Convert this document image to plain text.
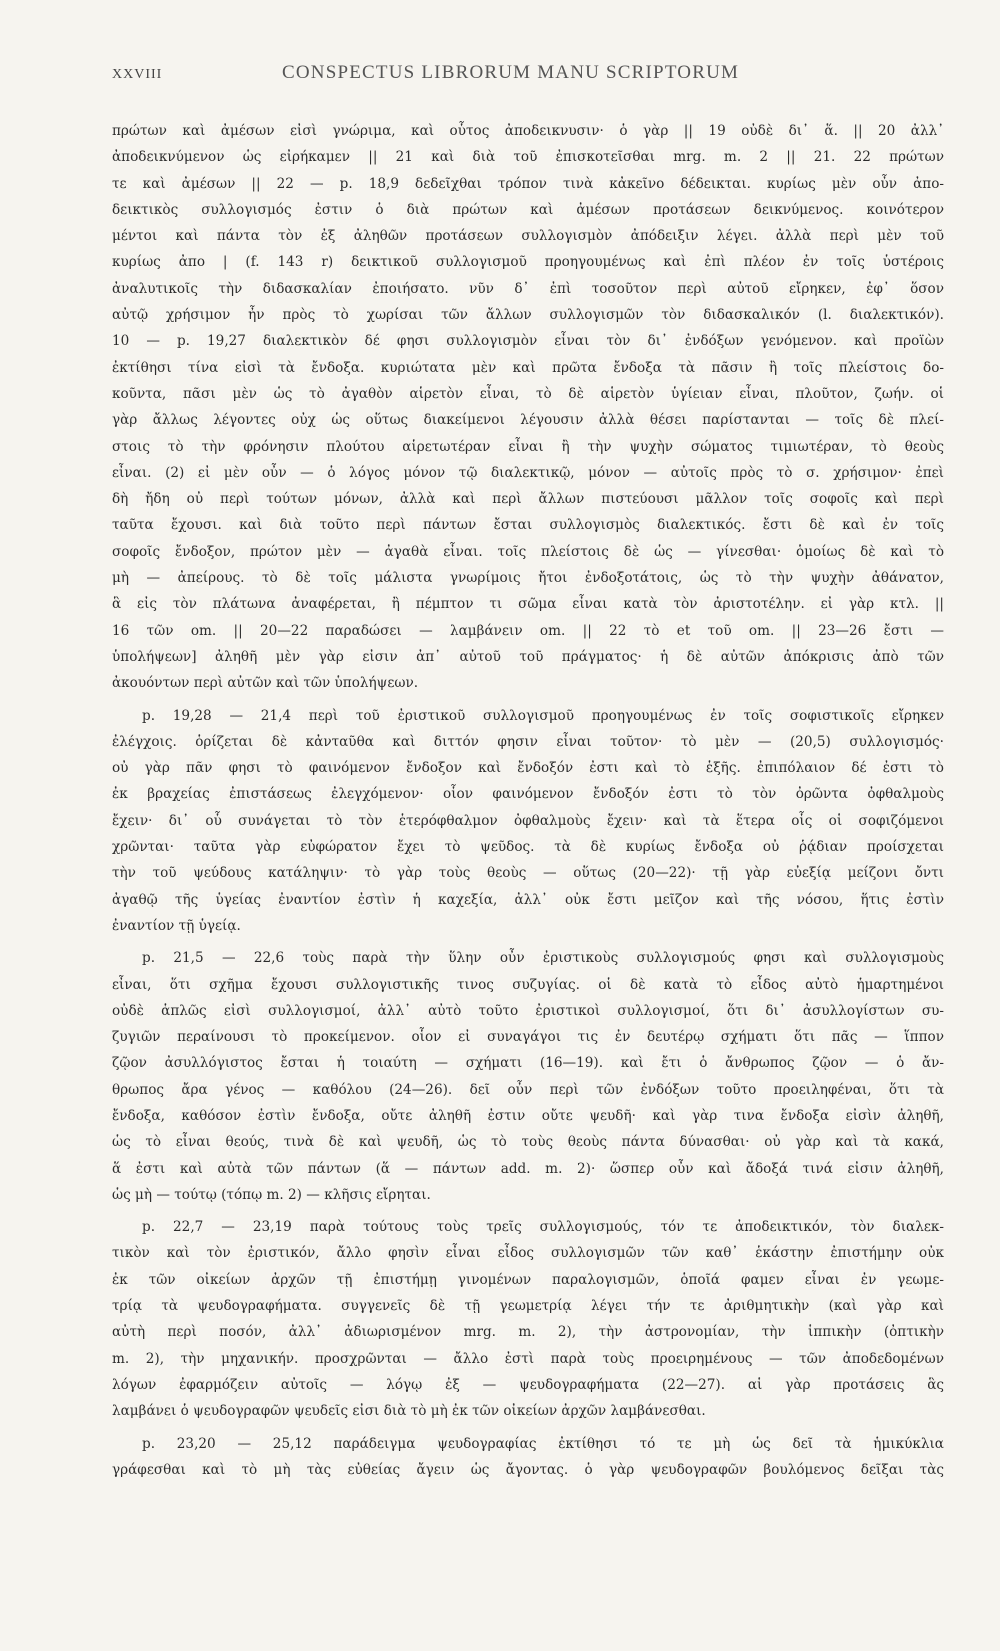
XXVIII	CONSPECTUS LIBRORUM MANU SCRIPTORUM

πρώτων καὶ ἀμέσων εἰσὶ γνώριμα, καὶ οὗτος ἀποδεικνυσιν· ὁ γὰρ || 19 οὐδὲ δι᾽ ἅ. || 20 ἀλλ᾽
ἀποδεικνύμενον ὡς εἰρήκαμεν || 21 καὶ διὰ τοῦ ἐπισκοτεῖσθαι mrg. m. 2 || 21. 22 πρώτων
τε καὶ ἀμέσων || 22 — p. 18,9 δεδεῖχθαι τρόπον τινὰ κἀκεῖνο δέδεικται. κυρίως μὲν οὖν ἀπο-
δεικτικὸς συλλογισμός ἐστιν ὁ διὰ πρώτων καὶ ἀμέσων προτάσεων δεικνύμενος. κοινότερον
μέντοι καὶ πάντα τὸν ἐξ ἀληθῶν προτάσεων συλλογισμὸν ἀπόδειξιν λέγει. ἀλλὰ περὶ μὲν τοῦ
κυρίως ἀπο | (f. 143 r) δεικτικοῦ συλλογισμοῦ προηγουμένως καὶ ἐπὶ πλέον ἐν τοῖς ὑστέροις
ἀναλυτικοῖς τὴν διδασκαλίαν ἐποιήσατο. νῦν δ᾽ ἐπὶ τοσοῦτον περὶ αὐτοῦ εἴρηκεν, ἐφ᾽ ὅσον
αὐτῷ χρήσιμον ἦν πρὸς τὸ χωρίσαι τῶν ἄλλων συλλογισμῶν τὸν διδασκαλικόν (l. διαλεκτικόν).
10 — p. 19,27 διαλεκτικὸν δέ φησι συλλογισμὸν εἶναι τὸν δι᾽ ἐνδόξων γενόμενον. καὶ προϊὼν
ἐκτίθησι τίνα εἰσὶ τὰ ἔνδοξα. κυριώτατα μὲν καὶ πρῶτα ἔνδοξα τὰ πᾶσιν ἢ τοῖς πλείστοις δο-
κοῦντα, πᾶσι μὲν ὡς τὸ ἀγαθὸν αἱρετὸν εἶναι, τὸ δὲ αἱρετὸν ὑγίειαν εἶναι, πλοῦτον, ζωήν. οἱ
γὰρ ἄλλως λέγοντες οὐχ ὡς οὕτως διακείμενοι λέγουσιν ἀλλὰ θέσει παρίστανται — τοῖς δὲ πλεί-
στοις τὸ τὴν φρόνησιν πλούτου αἱρετωτέραν εἶναι ἢ τὴν ψυχὴν σώματος τιμιωτέραν, τὸ θεοὺς
εἶναι. (2) εἰ μὲν οὖν — ὁ λόγος μόνον τῷ διαλεκτικῷ, μόνον — αὐτοῖς πρὸς τὸ σ. χρήσιμον· ἐπεὶ
δὴ ἤδη οὐ περὶ τούτων μόνων, ἀλλὰ καὶ περὶ ἄλλων πιστεύουσι μᾶλλον τοῖς σοφοῖς καὶ περὶ
ταῦτα ἔχουσι. καὶ διὰ τοῦτο περὶ πάντων ἔσται συλλογισμὸς διαλεκτικός. ἔστι δὲ καὶ ἐν τοῖς
σοφοῖς ἔνδοξον, πρώτον μὲν — ἀγαθὰ εἶναι. τοῖς πλείστοις δὲ ὡς — γίνεσθαι· ὁμοίως δὲ καὶ τὸ
μὴ — ἀπείρους. τὸ δὲ τοῖς μάλιστα γνωρίμοις ἤτοι ἐνδοξοτάτοις, ὡς τὸ τὴν ψυχὴν ἀθάνατον,
ἃ εἰς τὸν πλάτωνα ἀναφέρεται, ἢ πέμπτον τι σῶμα εἶναι κατὰ τὸν ἀριστοτέλην. εἰ γὰρ κτλ. ||
16 τῶν om. || 20—22 παραδώσει — λαμβάνειν om. || 22 τὸ et τοῦ om. || 23—26 ἔστι —
ὑπολήψεων] ἀληθῆ μὲν γὰρ εἰσιν ἀπ᾽ αὐτοῦ τοῦ πράγματος· ἡ δὲ αὐτῶν ἀπόκρισις ἀπὸ τῶν
ἀκουόντων περὶ αὐτῶν καὶ τῶν ὑπολήψεων.

p. 19,28 — 21,4 περὶ τοῦ ἐριστικοῦ συλλογισμοῦ προηγουμένως ἐν τοῖς σοφιστικοῖς εἴρηκεν
ἐλέγχοις. ὁρίζεται δὲ κἀνταῦθα καὶ διττόν φησιν εἶναι τοῦτον· τὸ μὲν — (20,5) συλλογισμός·
οὐ γὰρ πᾶν φησι τὸ φαινόμενον ἔνδοξον καὶ ἔνδοξόν ἐστι καὶ τὸ ἑξῆς. ἐπιπόλαιον δέ ἐστι τὸ
ἐκ βραχείας ἐπιστάσεως ἐλεγχόμενον· οἷον φαινόμενον ἔνδοξόν ἐστι τὸ τὸν ὀρῶντα ὀφθαλμοὺς
ἔχειν· δι᾽ οὗ συνάγεται τὸ τὸν ἑτερόφθαλμον ὀφθαλμοὺς ἔχειν· καὶ τὰ ἕτερα οἷς οἱ σοφιζόμενοι
χρῶνται· ταῦτα γὰρ εὐφώρατον ἔχει τὸ ψεῦδος. τὰ δὲ κυρίως ἔνδοξα οὐ ῥᾴδιαν προίσχεται
τὴν τοῦ ψεύδους κατάληψιν· τὸ γὰρ τοὺς θεοὺς — οὕτως (20—22)· τῇ γὰρ εὐεξίᾳ μείζονι ὄντι
ἀγαθῷ τῆς ὑγείας ἐναντίον ἐστὶν ἡ καχεξία, ἀλλ᾽ οὐκ ἔστι μεῖζον καὶ τῆς νόσου, ἥτις ἐστὶν
ἐναντίον τῇ ὑγείᾳ.

p. 21,5 — 22,6 τοὺς παρὰ τὴν ὕλην οὖν ἐριστικοὺς συλλογισμούς φησι καὶ συλλογισμοὺς
εἶναι, ὅτι σχῆμα ἔχουσι συλλογιστικῆς τινος συζυγίας. οἱ δὲ κατὰ τὸ εἶδος αὐτὸ ἡμαρτημένοι
οὐδὲ ἁπλῶς εἰσὶ συλλογισμοί, ἀλλ᾽ αὐτὸ τοῦτο ἐριστικοὶ συλλογισμοί, ὅτι δι᾽ ἀσυλλογίστων συ-
ζυγιῶν περαίνουσι τὸ προκείμενον. οἷον εἰ συναγάγοι τις ἐν δευτέρῳ σχήματι ὅτι πᾶς — ἵππον
ζῷον ἀσυλλόγιστος ἔσται ἡ τοιαύτη — σχήματι (16—19). καὶ ἔτι ὁ ἄνθρωπος ζῷον — ὁ ἄν-
θρωπος ἄρα γένος — καθόλου (24—26). δεῖ οὖν περὶ τῶν ἐνδόξων τοῦτο προειληφέναι, ὅτι τὰ
ἔνδοξα, καθόσον ἐστὶν ἔνδοξα, οὔτε ἀληθῆ ἐστιν οὔτε ψευδῆ· καὶ γὰρ τινα ἔνδοξα εἰσὶν ἀληθῆ,
ὡς τὸ εἶναι θεούς, τινὰ δὲ καὶ ψευδῆ, ὡς τὸ τοὺς θεοὺς πάντα δύνασθαι· οὐ γὰρ καὶ τὰ κακά,
ἅ ἐστι καὶ αὐτὰ τῶν πάντων (ἅ — πάντων add. m. 2)· ὥσπερ οὖν καὶ ἄδοξά τινά εἰσιν ἀληθῆ,
ὡς μὴ — τούτῳ (τόπῳ m. 2) — κλῆσις εἴρηται.

p. 22,7 — 23,19 παρὰ τούτους τοὺς τρεῖς συλλογισμούς, τόν τε ἀποδεικτικόν, τὸν διαλεκ-
τικὸν καὶ τὸν ἐριστικόν, ἄλλο φησὶν εἶναι εἶδος συλλογισμῶν τῶν καθ᾽ ἑκάστην ἐπιστήμην οὐκ
ἐκ τῶν οἰκείων ἀρχῶν τῇ ἐπιστήμῃ γινομένων παραλογισμῶν, ὁποῖά φαμεν εἶναι ἐν γεωμε-
τρίᾳ τὰ ψευδογραφήματα. συγγενεῖς δὲ τῇ γεωμετρίᾳ λέγει τήν τε ἀριθμητικὴν (καὶ γὰρ καὶ
αὐτὴ περὶ ποσόν, ἀλλ᾽ ἀδιωρισμένον mrg. m. 2), τὴν ἀστρονομίαν, τὴν ἱππικὴν (ὀπτικὴν
m. 2), τὴν μηχανικήν. προσχρῶνται — ἄλλο ἐστὶ παρὰ τοὺς προειρημένους — τῶν ἀποδεδομένων
λόγων ἐφαρμόζειν αὐτοῖς — λόγῳ ἐξ — ψευδογραφήματα (22—27). αἱ γὰρ προτάσεις ἃς
λαμβάνει ὁ ψευδογραφῶν ψευδεῖς εἰσι διὰ τὸ μὴ ἐκ τῶν οἰκείων ἀρχῶν λαμβάνεσθαι.

p. 23,20 — 25,12 παράδειγμα ψευδογραφίας ἐκτίθησι τό τε μὴ ὡς δεῖ τὰ ἡμικύκλια
γράφεσθαι καὶ τὸ μὴ τὰς εὐθείας ἄγειν ὡς ἄγοντας. ὁ γὰρ ψευδογραφῶν βουλόμενος δεῖξαι τὰς
